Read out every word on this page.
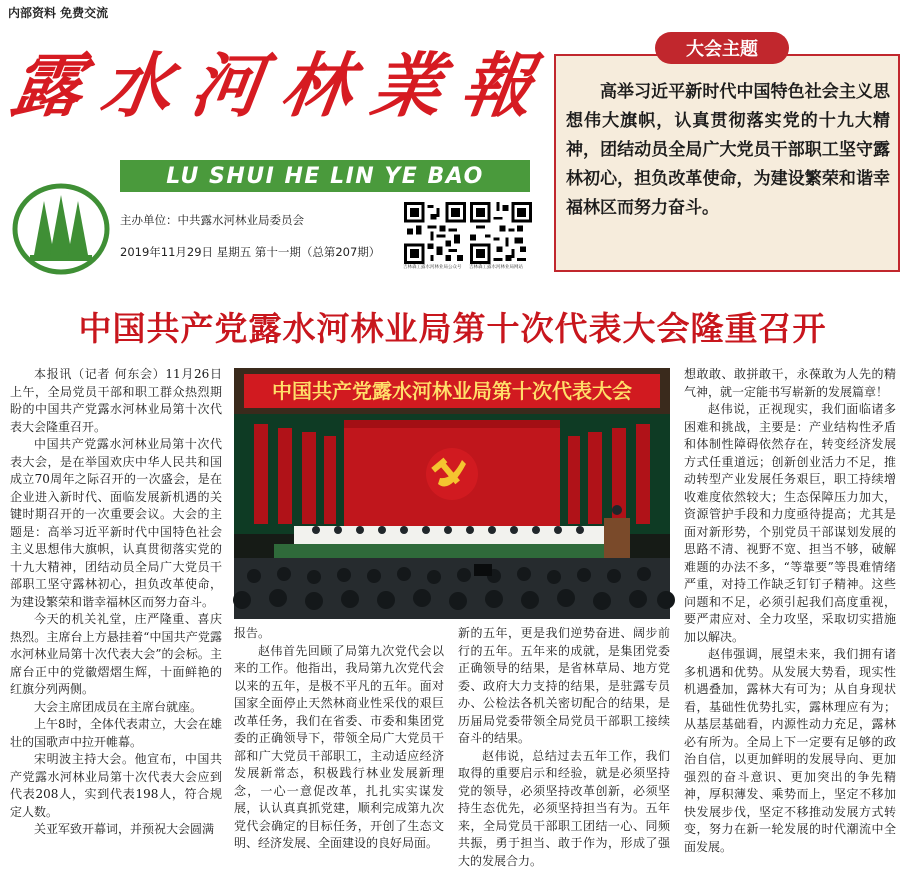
内部资料 免费交流
露 水 河 林 業 報
LU SHUI HE LIN YE BAO
主办单位：中共露水河林业局委员会
2019年11月29日 星期五 第十一期（总第207期）
吉林森工露水河林业局公众号	吉林森工露水河林业局网站
大会主题
高举习近平新时代中国特色社会主义思想伟大旗帜，认真贯彻落实党的十九大精神，团结动员全局广大党员干部职工坚守露林初心，担负改革使命，为建设繁荣和谐幸福林区而努力奋斗。
中国共产党露水河林业局第十次代表大会隆重召开

本报讯（记者 何东会）11月26日上午，全局党员干部和职工群众热烈期盼的中国共产党露水河林业局第十次代表大会隆重召开。

中国共产党露水河林业局第十次代表大会，是在举国欢庆中华人民共和国成立70周年之际召开的一次盛会，是在企业进入新时代、面临发展新机遇的关键时期召开的一次重要会议。大会的主题是：高举习近平新时代中国特色社会主义思想伟大旗帜，认真贯彻落实党的十九大精神，团结动员全局广大党员干部职工坚守露林初心，担负改革使命，为建设繁荣和谐幸福林区而努力奋斗。

今天的机关礼堂，庄严隆重、喜庆热烈。主席台上方悬挂着“中国共产党露水河林业局第十次代表大会”的会标。主席台正中的党徽熠熠生辉，十面鲜艳的红旗分列两侧。

大会主席团成员在主席台就座。

上午8时，全体代表肃立，大会在雄壮的国歌声中拉开帷幕。

宋明波主持大会。他宣布，中国共产党露水河林业局第十次代表大会应到代表208人，实到代表198人，符合规定人数。

关亚军致开幕词，并预祝大会圆满

中国共产党露水河林业局第十次代表大会

报告。

赵伟首先回顾了局第九次党代会以来的工作。他指出，我局第九次党代会以来的五年，是极不平凡的五年。面对国家全面停止天然林商业性采伐的艰巨改革任务，我们在省委、市委和集团党委的正确领导下，带领全局广大党员干部和广大党员干部职工，主动适应经济发展新常态，积极践行林业发展新理念，一心一意促改革，扎扎实实谋发展，认认真真抓党建，顺利完成第九次党代会确定的目标任务，开创了生态文明、经济发展、全面建设的良好局面。

新的五年，更是我们逆势奋进、阔步前行的五年。五年来的成就，是集团党委正确领导的结果，是省林草局、地方党委、政府大力支持的结果，是驻露专员办、公检法各机关密切配合的结果，是历届局党委带领全局党员干部职工接续奋斗的结果。

赵伟说，总结过去五年工作，我们取得的重要启示和经验，就是必须坚持党的领导，必须坚持改革创新，必须坚持生态优先，必须坚持担当有为。五年来，全局党员干部职工团结一心、同频共振，勇于担当、敢于作为，形成了强大的发展合力。

想敢敢、敢拼敢干，永葆敢为人先的精气神，就一定能书写崭新的发展篇章！

赵伟说，正视现实，我们面临诸多困难和挑战，主要是：产业结构性矛盾和体制性障碍依然存在，转变经济发展方式任重道远；创新创业活力不足，推动转型产业发展任务艰巨，职工持续增收难度依然较大；生态保障压力加大，资源管护手段和力度亟待提高；尤其是面对新形势，个别党员干部谋划发展的思路不清、视野不宽、担当不够，破解难题的办法不多，“等靠要”等畏难情绪严重，对持工作缺乏钉钉子精神。这些问题和不足，必须引起我们高度重视，要严肃应对、全力攻坚，采取切实措施加以解决。

赵伟强调，展望未来，我们拥有诸多机遇和优势。从发展大势看，现实性机遇叠加，露林大有可为；从自身现状看，基础性优势扎实，露林理应有为；从基层基础看，内源性动力充足，露林必有所为。全局上下一定要有足够的政治自信，以更加鲜明的发展导向、更加强烈的奋斗意识、更加突出的争先精神，厚积薄发、乘势而上，坚定不移加快发展步伐，坚定不移推动发展方式转变，努力在新一轮发展的时代潮流中全面发展。
